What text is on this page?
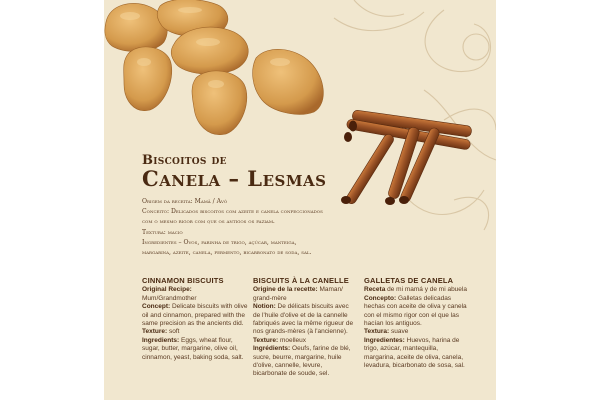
Biscoitos de
Canela – Lesmas

Origem da receita: Mamã / Avó

Conceito: Delicados biscoitos com azeite e canela confeccionados com o mesmo rigor com que os antigos os faziam.

Textura: macio

Ingredientes – Ovos, farinha de trigo, açúcar, manteiga, margarina, azeite, canela, fermento, bicarbonato de soda, sal.

CINNAMON BISCUITS

Original Recipe: Mum/Grandmother

Concept: Delicate biscuits with olive oil and cinnamon, prepared with the same precision as the ancients did.

Texture: soft

Ingredients: Eggs, wheat flour, sugar, butter, margarine, olive oil, cinnamon, yeast, baking soda, salt.

BISCUITS À LA CANELLE

Origine de la recette: Maman/ grand-mère

Notion: De délicats biscuits avec de l'huile d'olive et de la cannelle fabriqués avec la même rigueur de nos grands-mères (à l'ancienne).

Texture: moelleux

Ingrédients: Oeufs, farine de blé, sucre, beurre, margarine, huile d'olive, cannelle, levure, bicarbonate de soude, sel.

GALLETAS DE CANELA

Receta de mi mamá y de mi abuela

Concepto: Galletas delicadas hechas con aceite de oliva y canela con el mismo rigor con el que las hacían los antiguos.

Textura: suave

Ingredientes: Huevos, harina de trigo, azúcar, mantequilla, margarina, aceite de oliva, canela, levadura, bicarbonato de sosa, sal.
